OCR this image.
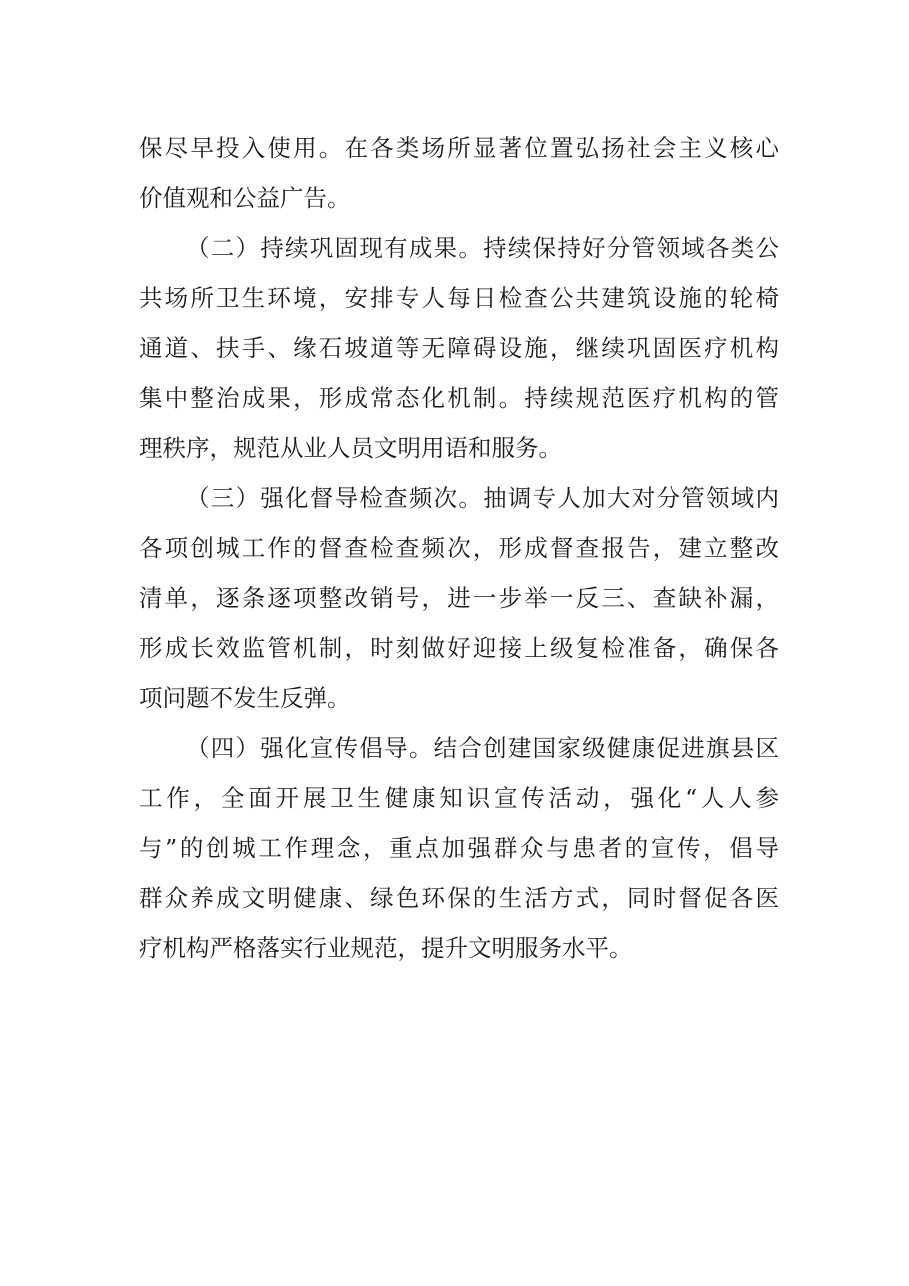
保尽早投入使用。在各类场所显著位置弘扬社会主义核心
价值观和公益广告。

（二）持续巩固现有成果。持续保持好分管领域各类公
共场所卫生环境，安排专人每日检查公共建筑设施的轮椅
通道、扶手、缘石坡道等无障碍设施，继续巩固医疗机构
集中整治成果，形成常态化机制。持续规范医疗机构的管
理秩序，规范从业人员文明用语和服务。

（三）强化督导检查频次。抽调专人加大对分管领域内
各项创城工作的督查检查频次，形成督查报告，建立整改
清单，逐条逐项整改销号，进一步举一反三、查缺补漏，
形成长效监管机制，时刻做好迎接上级复检准备，确保各
项问题不发生反弹。

（四）强化宣传倡导。结合创建国家级健康促进旗县区
工作，全面开展卫生健康知识宣传活动，强化“人人参
与”的创城工作理念，重点加强群众与患者的宣传，倡导
群众养成文明健康、绿色环保的生活方式，同时督促各医
疗机构严格落实行业规范，提升文明服务水平。
